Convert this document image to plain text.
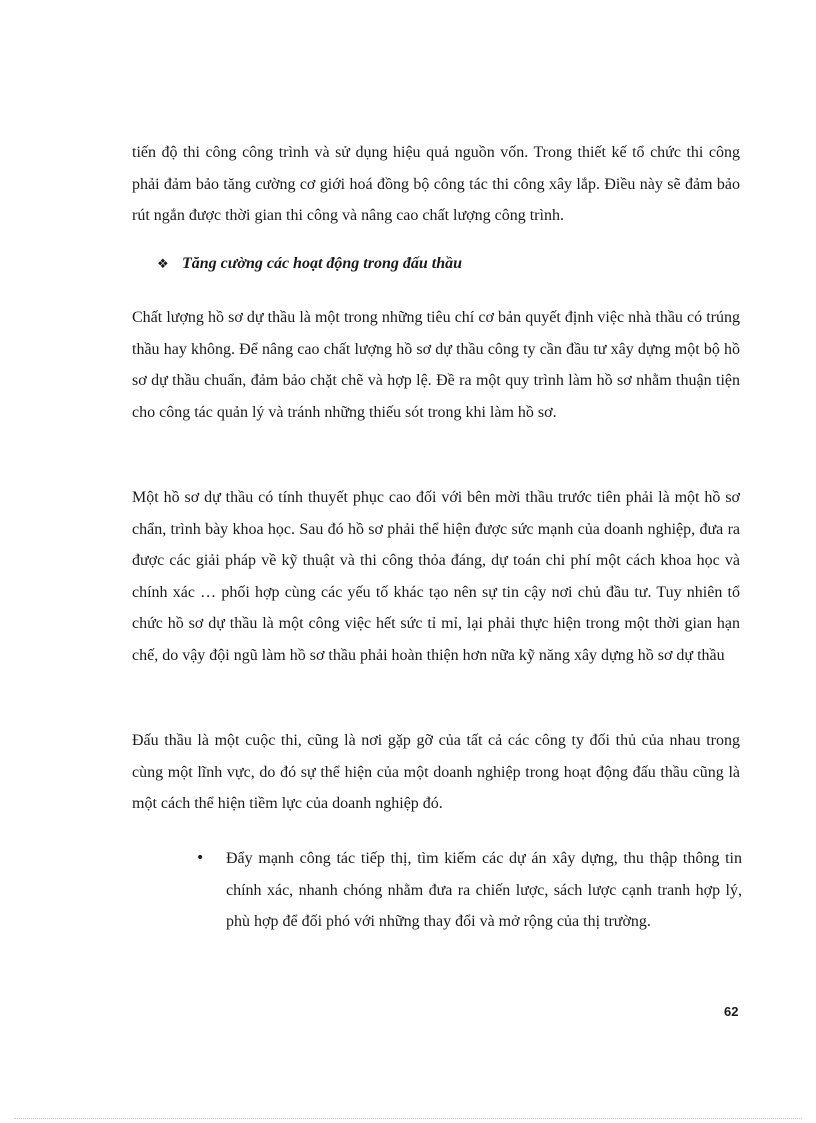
tiến độ thi công công trình và sử dụng hiệu quả nguồn vốn. Trong thiết kế tổ chức thi công phải đảm bảo tăng cường cơ giới hoá đồng bộ công tác thi công xây lắp. Điều này sẽ đảm bảo rút ngắn được thời gian thi công và nâng cao chất lượng công trình.

❖ Tăng cường các hoạt động trong đấu thầu

Chất lượng hồ sơ dự thầu là một trong những tiêu chí cơ bản quyết định việc nhà thầu có trúng thầu hay không. Để nâng cao chất lượng hồ sơ dự thầu công ty cần đầu tư xây dựng một bộ hồ sơ dự thầu chuẩn, đảm bảo chặt chẽ và hợp lệ. Đề ra một quy trình làm hồ sơ nhằm thuận tiện cho công tác quản lý và tránh những thiếu sót trong khi làm hồ sơ.

Một hồ sơ dự thầu có tính thuyết phục cao đối với bên mời thầu trước tiên phải là một hồ sơ chẩn, trình bày khoa học. Sau đó hồ sơ phải thể hiện được sức mạnh của doanh nghiệp, đưa ra được các giải pháp về kỹ thuật và thi công thỏa đáng, dự toán chi phí một cách khoa học và chính xác … phối hợp cùng các yếu tố khác tạo nên sự tin cậy nơi chủ đầu tư. Tuy nhiên tổ chức hồ sơ dự thầu là một công việc hết sức tỉ mỉ, lại phải thực hiện trong một thời gian hạn chế, do vậy đội ngũ làm hồ sơ thầu phải hoàn thiện hơn nữa kỹ năng xây dựng hồ sơ dự thầu

Đấu thầu là một cuộc thi, cũng là nơi gặp gỡ của tất cả các công ty đối thủ của nhau trong cùng một lĩnh vực, do đó sự thể hiện của một doanh nghiệp trong hoạt động đấu thầu cũng là một cách thể hiện tiềm lực của doanh nghiệp đó.

•	Đẩy mạnh công tác tiếp thị, tìm kiếm các dự án xây dựng, thu thập thông tin chính xác, nhanh chóng nhằm đưa ra chiến lược, sách lược cạnh tranh hợp lý, phù hợp để đối phó với những thay đổi và mở rộng của thị trường.
62
